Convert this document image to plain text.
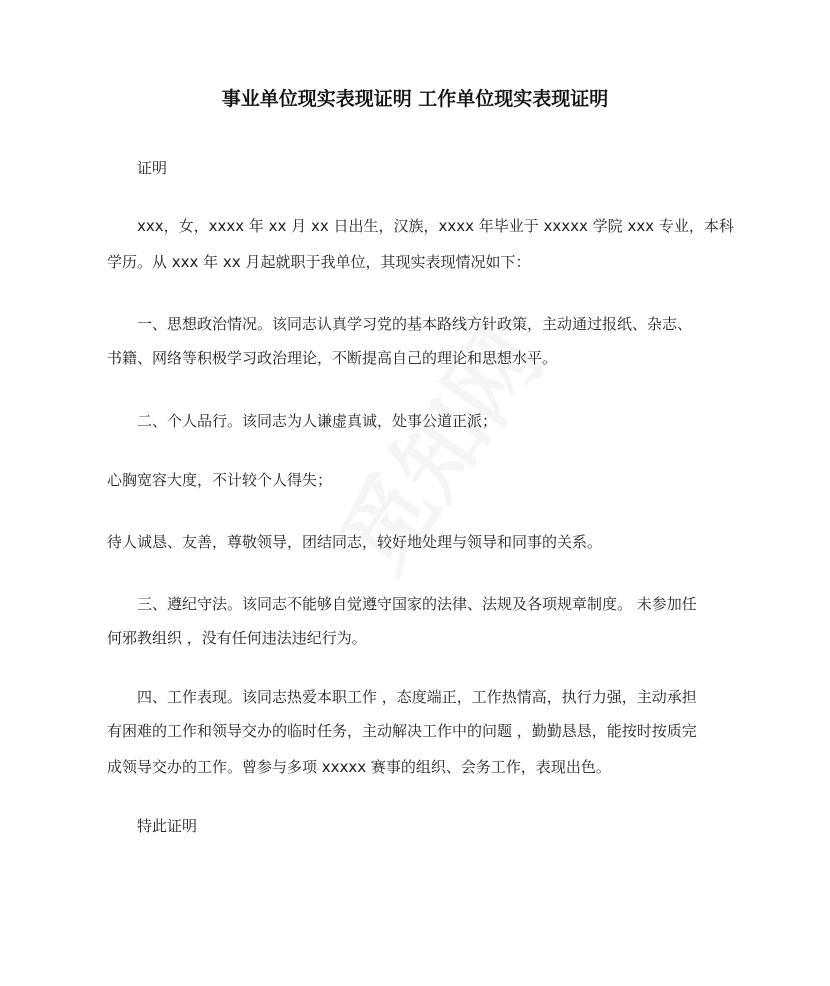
事业单位现实表现证明 工作单位现实表现证明
证明
xxx，女，xxxx 年 xx 月 xx 日出生，汉族，xxxx 年毕业于 xxxxx 学院 xxx 专业，本科
学历。从 xxx 年 xx 月起就职于我单位，其现实表现情况如下：
一、思想政治情况。该同志认真学习党的基本路线方针政策，主动通过报纸、杂志、
书籍、网络等积极学习政治理论，不断提高自己的理论和思想水平。
二、个人品行。该同志为人谦虚真诚，处事公道正派；
心胸宽容大度，不计较个人得失；
待人诚恳、友善，尊敬领导，团结同志，较好地处理与领导和同事的关系。
三、遵纪守法。该同志不能够自觉遵守国家的法律、法规及各项规章制度。 未参加任
何邪教组织 ，没有任何违法违纪行为。
四、工作表现。该同志热爱本职工作 ，态度端正，工作热情高，执行力强，主动承担
有困难的工作和领导交办的临时任务，主动解决工作中的问题 ，勤勤恳恳，能按时按质完
成领导交办的工作。曾参与多项 xxxxx 赛事的组织、会务工作，表现出色。
特此证明
